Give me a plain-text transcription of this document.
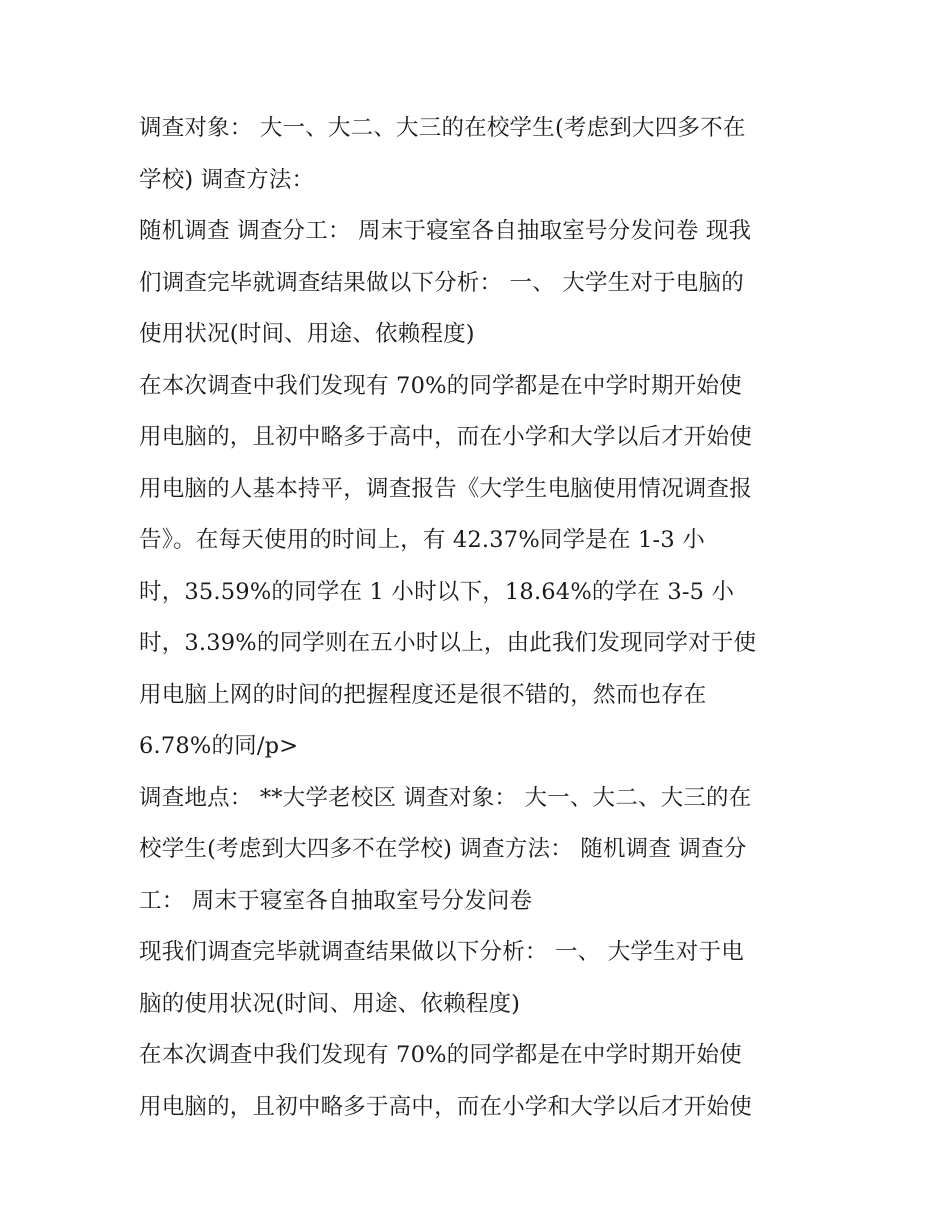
调查对象： 大一、大二、大三的在校学生(考虑到大四多不在
学校) 调查方法：
随机调查 调查分工： 周末于寝室各自抽取室号分发问卷 现我
们调查完毕就调查结果做以下分析： 一、 大学生对于电脑的
使用状况(时间、用途、依赖程度)
在本次调查中我们发现有 70%的同学都是在中学时期开始使
用电脑的，且初中略多于高中，而在小学和大学以后才开始使
用电脑的人基本持平，调查报告《大学生电脑使用情况调查报
告》。在每天使用的时间上，有 42.37%同学是在 1-3 小
时，35.59%的同学在 1 小时以下，18.64%的学在 3-5 小
时，3.39%的同学则在五小时以上，由此我们发现同学对于使
用电脑上网的时间的把握程度还是很不错的，然而也存在
6.78%的同/p>
调查地点： **大学老校区 调查对象： 大一、大二、大三的在
校学生(考虑到大四多不在学校) 调查方法： 随机调查 调查分
工： 周末于寝室各自抽取室号分发问卷
现我们调查完毕就调查结果做以下分析： 一、 大学生对于电
脑的使用状况(时间、用途、依赖程度)
在本次调查中我们发现有 70%的同学都是在中学时期开始使
用电脑的，且初中略多于高中，而在小学和大学以后才开始使
